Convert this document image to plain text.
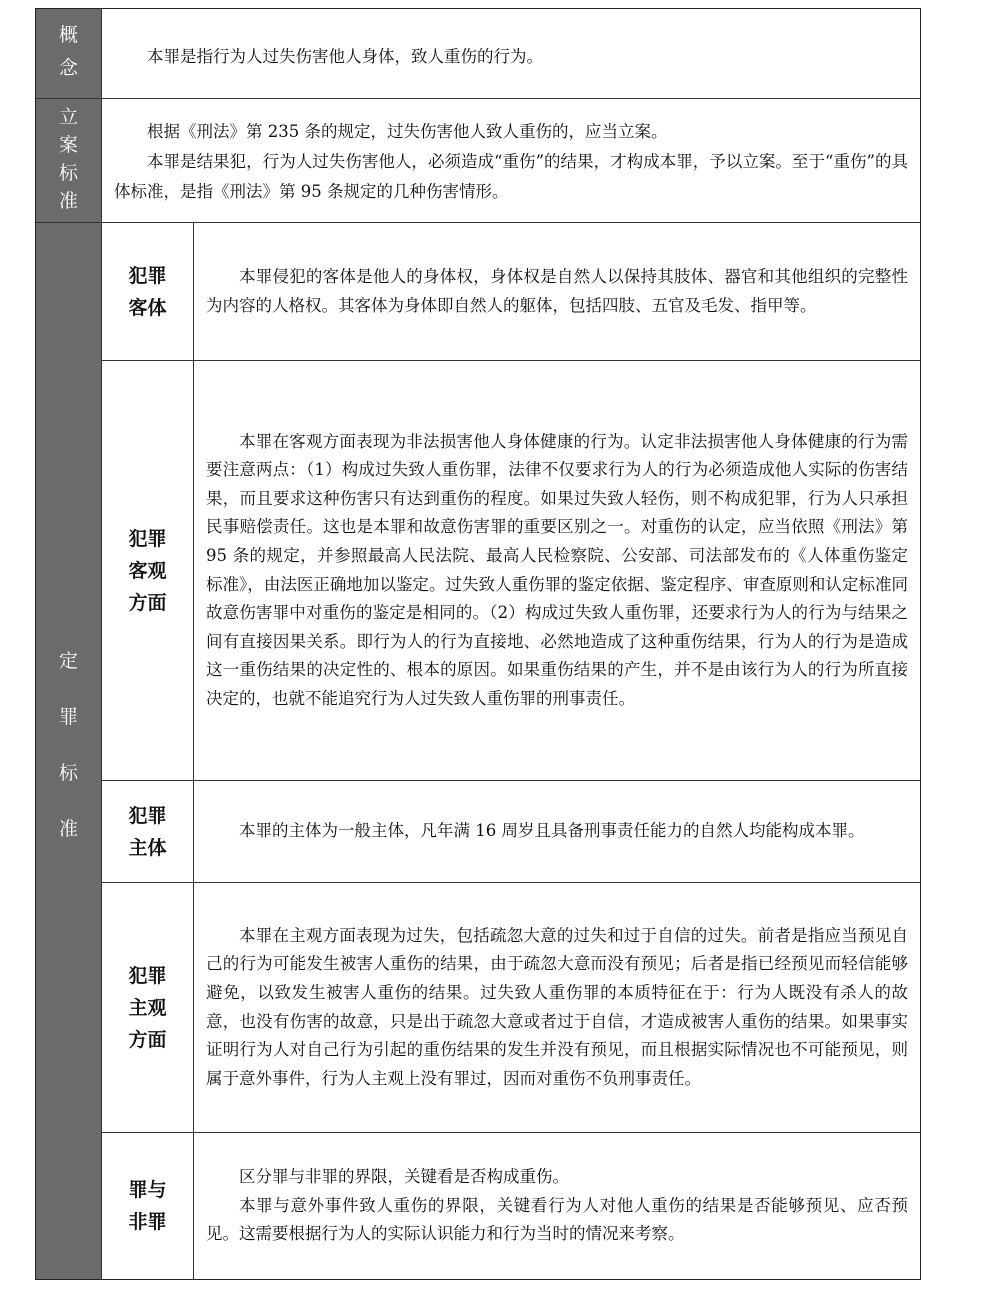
概
念

本罪是指行为人过失伤害他人身体，致人重伤的行为。

立
案
标
准

根据《刑法》第 235 条的规定，过失伤害他人致人重伤的，应当立案。

本罪是结果犯，行为人过失伤害他人，必须造成“重伤”的结果，才构成本罪，予以立案。至于“重伤”的具体标准，是指《刑法》第 95 条规定的几种伤害情形。

定
罪
标
准
犯罪
客体

本罪侵犯的客体是他人的身体权，身体权是自然人以保持其肢体、器官和其他组织的完整性为内容的人格权。其客体为身体即自然人的躯体，包括四肢、五官及毛发、指甲等。

犯罪
客观
方面

本罪在客观方面表现为非法损害他人身体健康的行为。认定非法损害他人身体健康的行为需要注意两点：（1）构成过失致人重伤罪，法律不仅要求行为人的行为必须造成他人实际的伤害结果，而且要求这种伤害只有达到重伤的程度。如果过失致人轻伤，则不构成犯罪，行为人只承担民事赔偿责任。这也是本罪和故意伤害罪的重要区别之一。对重伤的认定，应当依照《刑法》第 95 条的规定，并参照最高人民法院、最高人民检察院、公安部、司法部发布的《人体重伤鉴定标准》，由法医正确地加以鉴定。过失致人重伤罪的鉴定依据、鉴定程序、审查原则和认定标准同故意伤害罪中对重伤的鉴定是相同的。（2）构成过失致人重伤罪，还要求行为人的行为与结果之间有直接因果关系。即行为人的行为直接地、必然地造成了这种重伤结果，行为人的行为是造成这一重伤结果的决定性的、根本的原因。如果重伤结果的产生，并不是由该行为人的行为所直接决定的，也就不能追究行为人过失致人重伤罪的刑事责任。

犯罪
主体

本罪的主体为一般主体，凡年满 16 周岁且具备刑事责任能力的自然人均能构成本罪。

犯罪
主观
方面

本罪在主观方面表现为过失，包括疏忽大意的过失和过于自信的过失。前者是指应当预见自己的行为可能发生被害人重伤的结果，由于疏忽大意而没有预见；后者是指已经预见而轻信能够避免，以致发生被害人重伤的结果。过失致人重伤罪的本质特征在于：行为人既没有杀人的故意，也没有伤害的故意，只是出于疏忽大意或者过于自信，才造成被害人重伤的结果。如果事实证明行为人对自己行为引起的重伤结果的发生并没有预见，而且根据实际情况也不可能预见，则属于意外事件，行为人主观上没有罪过，因而对重伤不负刑事责任。

罪与
非罪

区分罪与非罪的界限，关键看是否构成重伤。

本罪与意外事件致人重伤的界限，关键看行为人对他人重伤的结果是否能够预见、应否预见。这需要根据行为人的实际认识能力和行为当时的情况来考察。
